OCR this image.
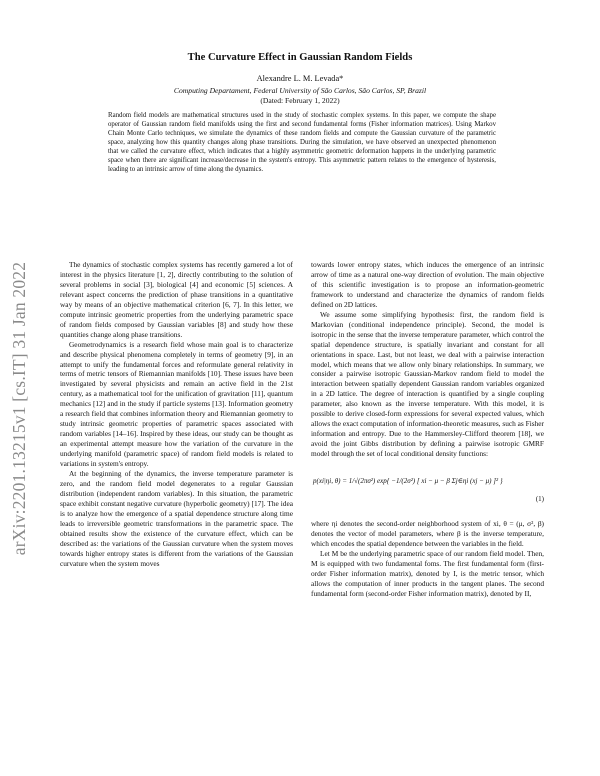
arXiv:2201.13215v1 [cs.IT] 31 Jan 2022
The Curvature Effect in Gaussian Random Fields
Alexandre L. M. Levada*
Computing Departament, Federal University of São Carlos, São Carlos, SP, Brazil
(Dated: February 1, 2022)
Random field models are mathematical structures used in the study of stochastic complex systems. In this paper, we compute the shape operator of Gaussian random field manifolds using the first and second fundamental forms (Fisher information matrices). Using Markov Chain Monte Carlo techniques, we simulate the dynamics of these random fields and compute the Gaussian curvature of the parametric space, analyzing how this quantity changes along phase transitions. During the simulation, we have observed an unexpected phenomenon that we called the curvature effect, which indicates that a highly asymmetric geometric deformation happens in the underlying parametric space when there are significant increase/decrease in the system's entropy. This asymmetric pattern relates to the emergence of hysteresis, leading to an intrinsic arrow of time along the dynamics.

The dynamics of stochastic complex systems has recently garnered a lot of interest in the physics literature [1, 2], directly contributing to the solution of several problems in social [3], biological [4] and economic [5] sciences. A relevant aspect concerns the prediction of phase transitions in a quantitative way by means of an objective mathematical criterion [6, 7]. In this letter, we compute intrinsic geometric properties from the underlying parametric space of random fields composed by Gaussian variables [8] and study how these quantities change along phase transitions.

Geometrodynamics is a research field whose main goal is to characterize and describe physical phenomena completely in terms of geometry [9], in an attempt to unify the fundamental forces and reformulate general relativity in terms of metric tensors of Riemannian manifolds [10]. These issues have been investigated by several physicists and remain an active field in the 21st century, as a mathematical tool for the unification of gravitation [11], quantum mechanics [12] and in the study if particle systems [13]. Information geometry a research field that combines information theory and Riemannian geometry to study intrinsic geometric properties of parametric spaces associated with random variables [14–16]. Inspired by these ideas, our study can be thought as an experimental attempt measure how the variation of the curvature in the underlying manifold (parametric space) of random field models is related to variations in system's entropy.

At the beginning of the dynamics, the inverse temperature parameter is zero, and the random field model degenerates to a regular Gaussian distribution (independent random variables). In this situation, the parametric space exhibit constant negative curvature (hyperbolic geometry) [17]. The idea is to analyze how the emergence of a spatial dependence structure along time leads to irreversible geometric transformations in the parametric space. The obtained results show the existence of the curvature effect, which can be described as: the variations of the Gaussian curvature when the system moves towards higher entropy states is different from the variations of the Gaussian curvature when the system moves

towards lower entropy states, which induces the emergence of an intrinsic arrow of time as a natural one-way direction of evolution. The main objective of this scientific investigation is to propose an information-geometric framework to understand and characterize the dynamics of random fields defined on 2D lattices.

We assume some simplifying hypothesis: first, the random field is Markovian (conditional independence principle). Second, the model is isotropic in the sense that the inverse temperature parameter, which control the spatial dependence structure, is spatially invariant and constant for all orientations in space. Last, but not least, we deal with a pairwise interaction model, which means that we allow only binary relationships. In summary, we consider a pairwise isotropic Gaussian-Markov random field to model the interaction between spatially dependent Gaussian random variables organized in a 2D lattice. The degree of interaction is quantified by a single coupling parameter, also known as the inverse temperature. With this model, it is possible to derive closed-form expressions for several expected values, which allows the exact computation of information-theoretic measures, such as Fisher information and entropy. Due to the Hammersley-Clifford theorem [18], we avoid the joint Gibbs distribution by defining a pairwise isotropic GMRF model through the set of local conditional density functions:

p(xi|ηi, θ) = 1/√(2πσ²) exp{ −1/(2σ²) [ xi − μ − β Σj∈ηi (xj − μ) ]² }
(1)

where ηi denotes the second-order neighborhood system of xi, θ = (μ, σ², β) denotes the vector of model parameters, where β is the inverse temperature, which encodes the spatial dependence between the variables in the field.

Let M be the underlying parametric space of our random field model. Then, M is equipped with two fundamental foms. The first fundamental form (first-order Fisher information matrix), denoted by I, is the metric tensor, which allows the computation of inner products in the tangent planes. The second fundamental form (second-order Fisher information matrix), denoted by II,
